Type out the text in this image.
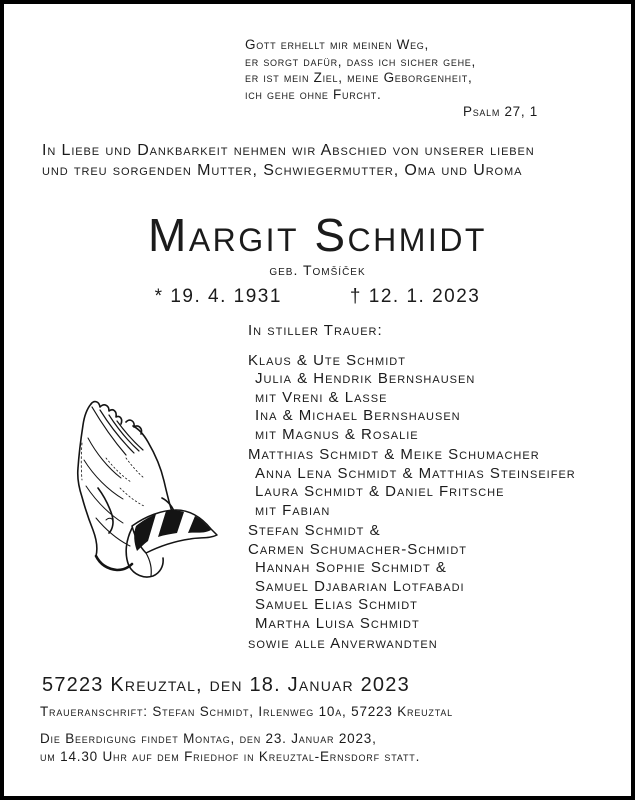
Gott erhellt mir meinen Weg,
er sorgt dafür, dass ich sicher gehe,
er ist mein Ziel, meine Geborgenheit,
ich gehe ohne Furcht.
Psalm 27, 1
In Liebe und Dankbarkeit nehmen wir Abschied von unserer lieben
und treu sorgenden Mutter, Schwiegermutter, Oma und Uroma
Margit Schmidt
geb. Tomšíček
* 19. 4. 1931	† 12. 1. 2023
In stiller Trauer:
Klaus & Ute Schmidt
Julia & Hendrik Bernshausen
mit Vreni & Lasse
Ina & Michael Bernshausen
mit Magnus & Rosalie
Matthias Schmidt & Meike Schumacher
Anna Lena Schmidt & Matthias Steinseifer
Laura Schmidt & Daniel Fritsche
mit Fabian
Stefan Schmidt &
Carmen Schumacher-Schmidt
Hannah Sophie Schmidt &
Samuel Djabarian Lotfabadi
Samuel Elias Schmidt
Martha Luisa Schmidt
sowie alle Anverwandten
57223 Kreuztal, den 18. Januar 2023
Traueranschrift: Stefan Schmidt, Irlenweg 10a, 57223 Kreuztal
Die Beerdigung findet Montag, den 23. Januar 2023,
um 14.30 Uhr auf dem Friedhof in Kreuztal-Ernsdorf statt.
